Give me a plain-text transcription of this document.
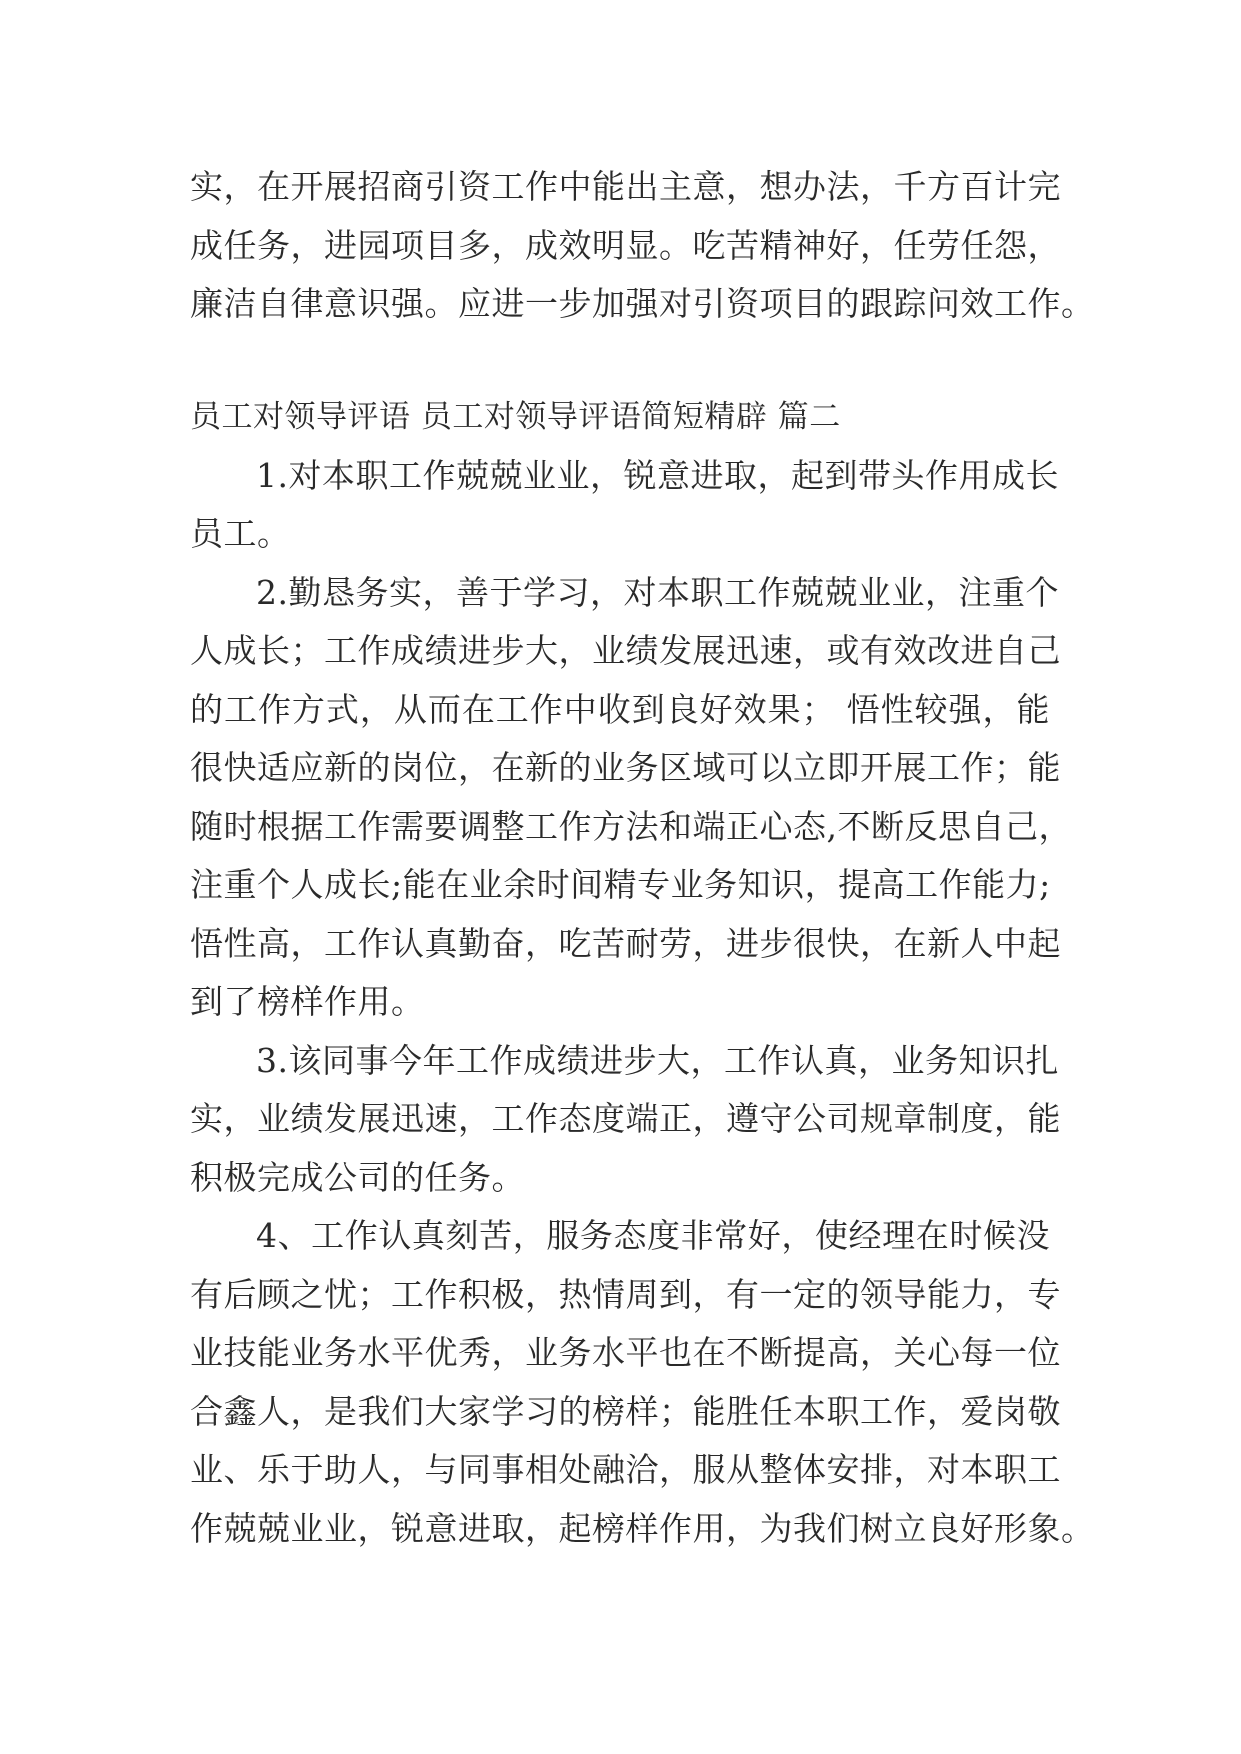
实，在开展招商引资工作中能出主意，想办法，千方百计完
成任务，进园项目多，成效明显。吃苦精神好，任劳任怨，
廉洁自律意识强。应进一步加强对引资项目的跟踪问效工作。
员工对领导评语 员工对领导评语简短精辟 篇二
1.对本职工作兢兢业业，锐意进取，起到带头作用成长
员工。
2.勤恳务实，善于学习，对本职工作兢兢业业，注重个
人成长；工作成绩进步大，业绩发展迅速，或有效改进自己
的工作方式，从而在工作中收到良好效果； 悟性较强，能
很快适应新的岗位，在新的业务区域可以立即开展工作；能
随时根据工作需要调整工作方法和端正心态,不断反思自己，
注重个人成长;能在业余时间精专业务知识，提高工作能力;
悟性高，工作认真勤奋，吃苦耐劳，进步很快，在新人中起
到了榜样作用。
3.该同事今年工作成绩进步大，工作认真，业务知识扎
实，业绩发展迅速，工作态度端正，遵守公司规章制度，能
积极完成公司的任务。
4、工作认真刻苦，服务态度非常好，使经理在时候没
有后顾之忧；工作积极，热情周到，有一定的领导能力，专
业技能业务水平优秀，业务水平也在不断提高，关心每一位
合鑫人，是我们大家学习的榜样；能胜任本职工作，爱岗敬
业、乐于助人，与同事相处融洽，服从整体安排，对本职工
作兢兢业业，锐意进取，起榜样作用，为我们树立良好形象。
